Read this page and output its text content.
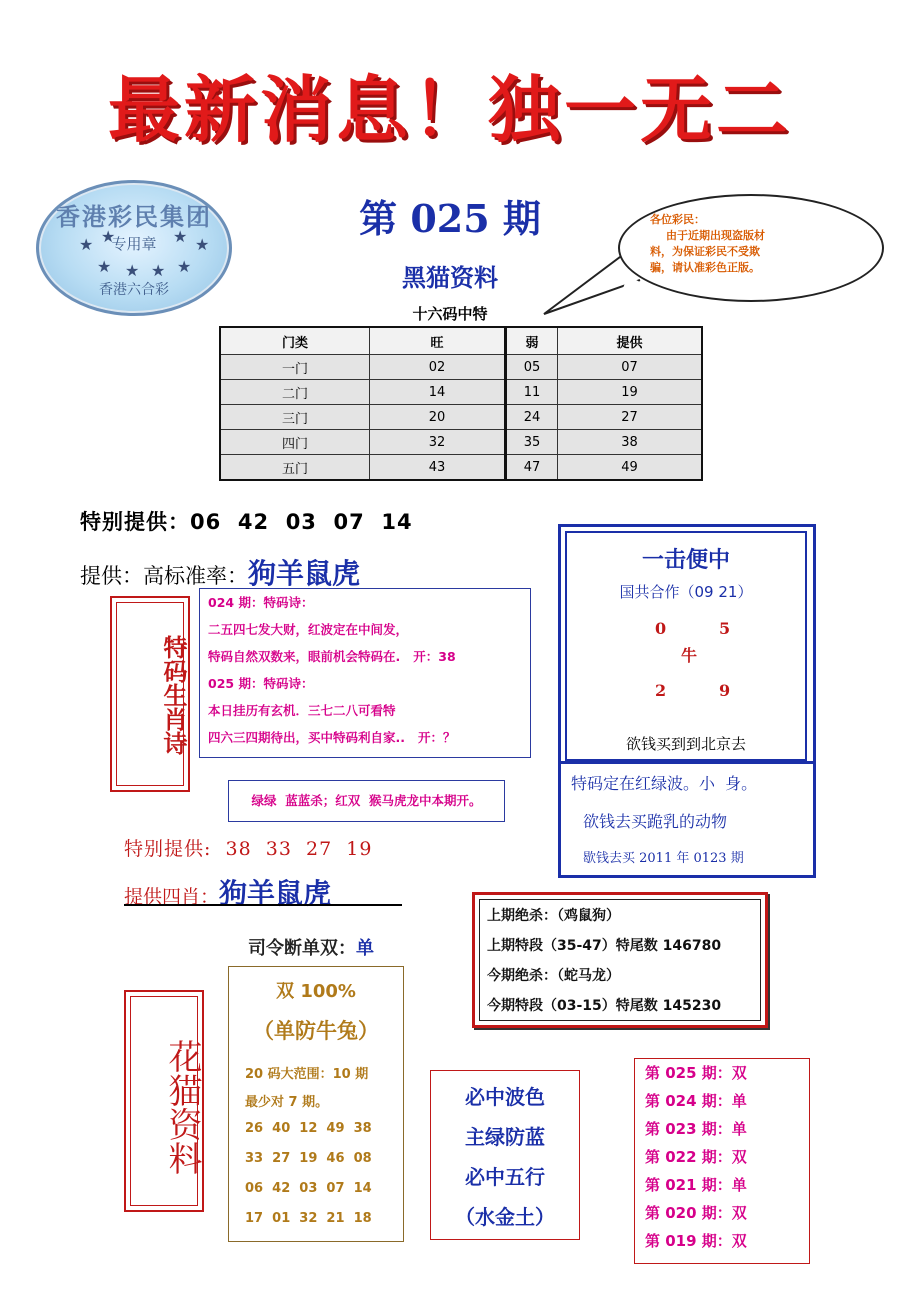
最新消息！独一无二
香港彩民集团
★
★	★ ★
★ ★ ★ ★
专用章
香港六合彩
第 025 期
黑猫资料
十六码中特
各位彩民：
由于近期出现盗版材
料，为保证彩民不受欺
骗，请认准彩色正版。
门类	旺	弱	提供
一门	02	05	07
二门	14	11	19
三门	20	24	27
四门	32	35	38
五门	43	47	49
特别提供：06  42  03  07  14
提供：高标准率：狗羊鼠虎
特码生肖诗
024 期：特码诗：
二五四七发大财，红波定在中间发，
特码自然双数来，眼前机会特码在.   开：38
025 期：特码诗：
本日挂历有玄机．三七二八可看特
四六三四期待出，买中特码利自家..   开：？
绿绿  蓝蓝杀；红双  猴马虎龙中本期开。
一击便中
国共合作（09 21）
0	5
牛
2	9
欲钱买到到北京去
特码定在红绿波。小  身。
欲钱去买跪乳的动物
歇钱去买 2011 年 0123 期
特别提供:  38  33  27  19
提供四肖：狗羊鼠虎
司令断单双：单
上期绝杀：（鸡鼠狗）
上期特段（35-47）特尾数 146780
今期绝杀：（蛇马龙）
今期特段（03-15）特尾数 145230
花猫资料
双 100%
（单防牛兔）
20 码大范围：10 期
最少对 7 期。
26  40  12  49  38
33  27  19  46  08
06  42  03  07  14
17  01  32  21  18
必中波色
主绿防蓝
必中五行
（水金土）
第 025 期：双
第 024 期：单
第 023 期：单
第 022 期：双
第 021 期：单
第 020 期：双
第 019 期：双
